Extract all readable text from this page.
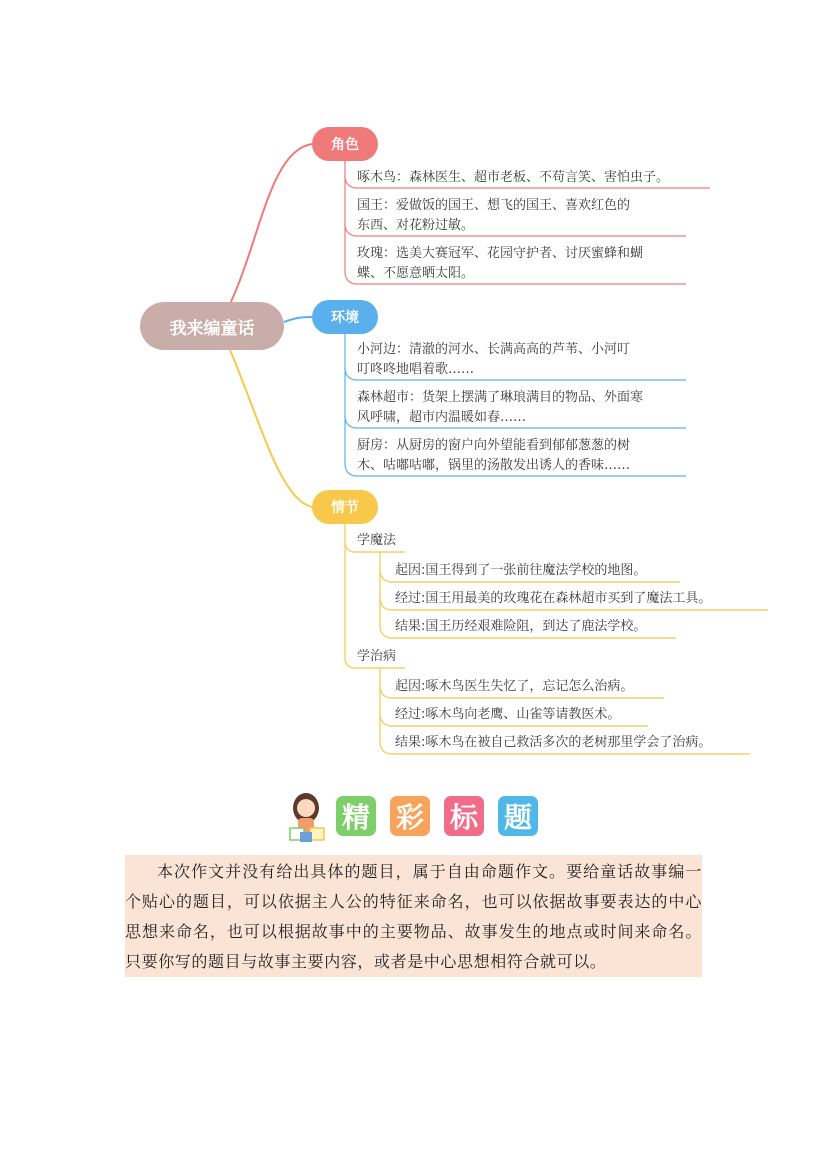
我来编童话
角色
环境
情节
啄木鸟：森林医生、超市老板、不苟言笑、害怕虫子。
国王：爱做饭的国王、想飞的国王、喜欢红色的
东西、对花粉过敏。
玫瑰：选美大赛冠军、花园守护者、讨厌蜜蜂和蝴
蝶、不愿意晒太阳。
小河边：清澈的河水、长满高高的芦苇、小河叮
叮咚咚地唱着歌……
森林超市：货架上摆满了琳琅满目的物品、外面寒
风呼啸，超市内温暖如春……
厨房：从厨房的窗户向外望能看到郁郁葱葱的树
木、咕嘟咕嘟，锅里的汤散发出诱人的香味……
学魔法
起因:国王得到了一张前往魔法学校的地图。
经过:国王用最美的玫瑰花在森林超市买到了魔法工具。
结果:国王历经艰难险阻，到达了鹿法学校。
学治病
起因:啄木鸟医生失忆了，忘记怎么治病。
经过:啄木鸟向老鹰、山雀等请教医术。
结果:啄木鸟在被自己救活多次的老树那里学会了治病。
精 彩 标 题

本次作文并没有给出具体的题目，属于自由命题作文。要给童话故事编一个贴心的题目，可以依据主人公的特征来命名，也可以依据故事要表达的中心思想来命名，也可以根据故事中的主要物品、故事发生的地点或时间来命名。只要你写的题目与故事主要内容，或者是中心思想相符合就可以。
